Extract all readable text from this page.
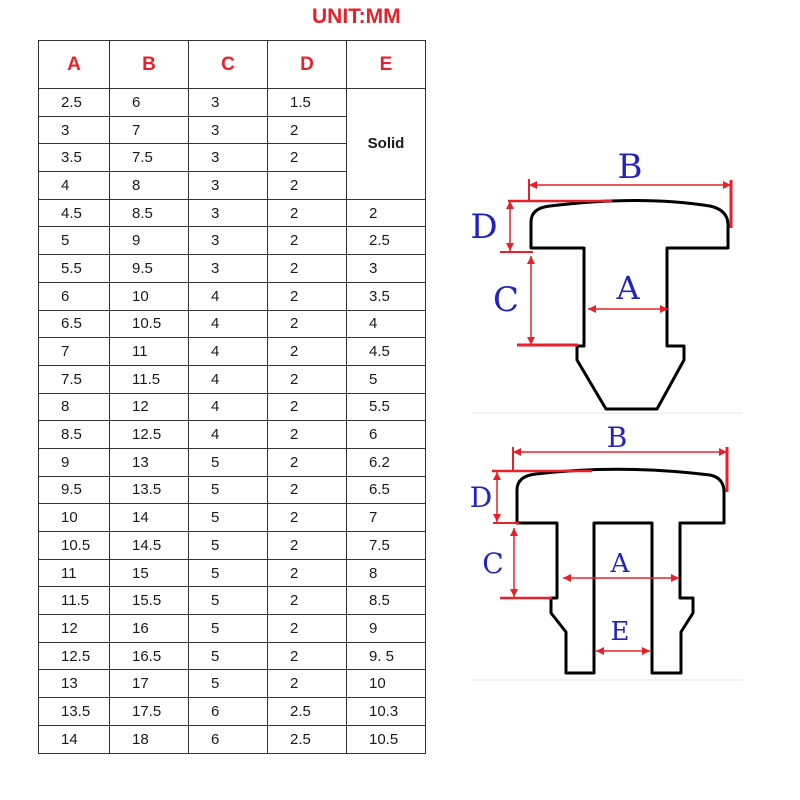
UNIT:MM
A	B	C	D	E
2.5	6	3	1.5	Solid
3	7	3	2	
3.5	7.5	3	2	
4	8	3	2	
4.5	8.5	3	2	2
5	9	3	2	2.5
5.5	9.5	3	2	3
6	10	4	2	3.5
6.5	10.5	4	2	4
7	11	4	2	4.5
7.5	11.5	4	2	5
8	12	4	2	5.5
8.5	12.5	4	2	6
9	13	5	2	6.2
9.5	13.5	5	2	6.5
10	14	5	2	7
10.5	14.5	5	2	7.5
11	15	5	2	8
11.5	15.5	5	2	8.5
12	16	5	2	9
12.5	16.5	5	2	9. 5
13	17	5	2	10
13.5	17.5	6	2.5	10.3
14	18	6	2.5	10.5
B
D
C	A
B
D
C	A
E
